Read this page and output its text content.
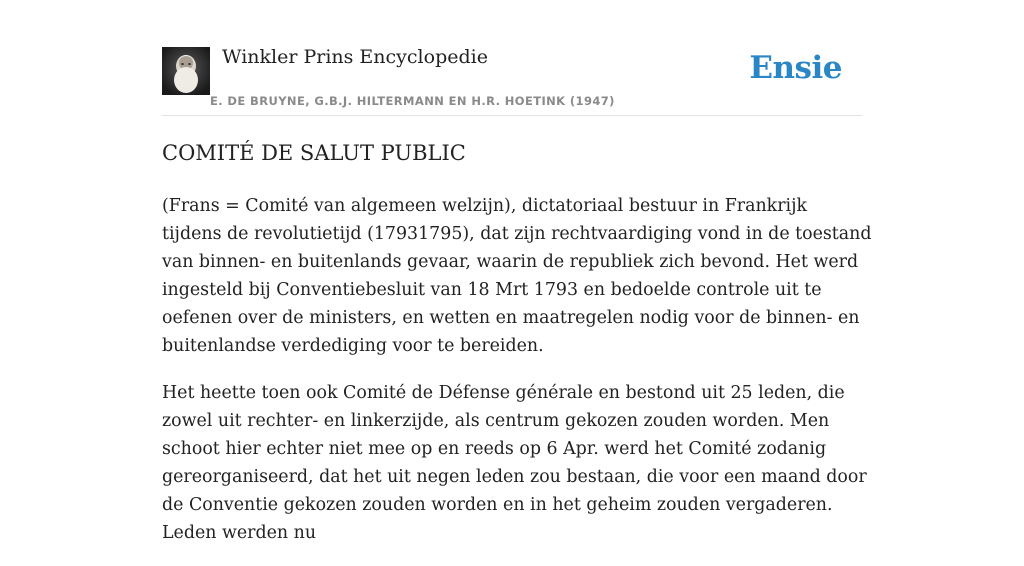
Winkler Prins Encyclopedie
E. DE BRUYNE, G.B.J. HILTERMANN EN H.R. HOETINK (1947)
Ensie
COMITÉ DE SALUT PUBLIC

(Frans = Comité van algemeen welzijn), dictatoriaal bestuur in Frankrijk tijdens de revolutietijd (17931795), dat zijn rechtvaardiging vond in de toestand van binnen- en buitenlands gevaar, waarin de republiek zich bevond. Het werd ingesteld bij Conventiebesluit van 18 Mrt 1793 en bedoelde controle uit te oefenen over de ministers, en wetten en maatregelen nodig voor de binnen- en buitenlandse verdediging voor te bereiden.

Het heette toen ook Comité de Défense générale en bestond uit 25 leden, die zowel uit rechter- en linkerzijde, als centrum gekozen zouden worden. Men schoot hier echter niet mee op en reeds op 6 Apr. werd het Comité zodanig gereorganiseerd, dat het uit negen leden zou bestaan, die voor een maand door de Conventie gekozen zouden worden en in het geheim zouden vergaderen. Leden werden nu
